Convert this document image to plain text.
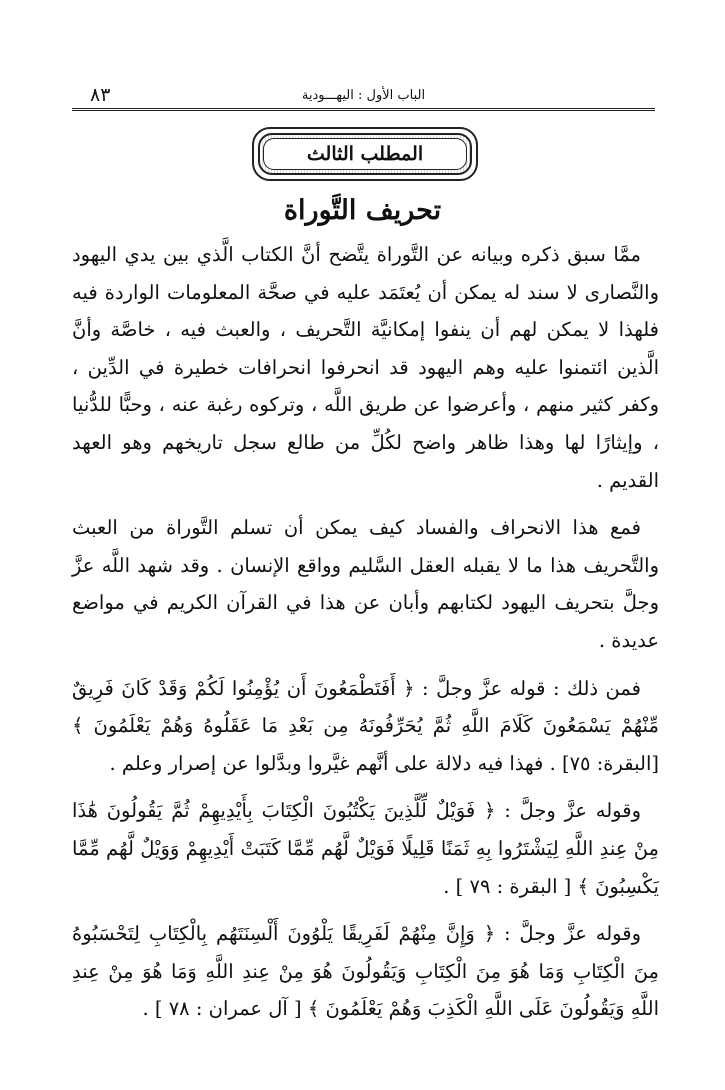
٨٣	الباب الأول : اليهـــودية
المطلب الثالث
تحريف التَّوراة

ممَّا سبق ذكره وبيانه عن التَّوراة يتَّضح أنَّ الكتاب الَّذي بين يدي اليهود والنَّصارى لا سند له يمكن أن يُعتَمَد عليه في صحَّة المعلومات الواردة فيه فلهذا لا يمكن لهم أن ينفوا إمكانيَّة التَّحريف ، والعبث فيه ، خاصَّة وأنَّ الَّذين ائتمنوا عليه وهم اليهود قد انحرفوا انحرافات خطيرة في الدِّين ، وكفر كثير منهم ، وأعرضوا عن طريق اللَّه ، وتركوه رغبة عنه ، وحبًّا للدُّنيا ، وإيثارًا لها وهذا ظاهر واضح لكُلِّ من طالع سجل تاريخهم وهو العهد القديم .

فمع هذا الانحراف والفساد كيف يمكن أن تسلم التَّوراة من العبث والتَّحريف هذا ما لا يقبله العقل السَّليم وواقع الإنسان . وقد شهد اللَّه عزَّ وجلَّ بتحريف اليهود لكتابهم وأبان عن هذا في القرآن الكريم في مواضع عديدة .

فمن ذلك : قوله عزَّ وجلَّ : ﴿ أَفَتَطْمَعُونَ أَن يُؤْمِنُوا لَكُمْ وَقَدْ كَانَ فَرِيقٌ مِّنْهُمْ يَسْمَعُونَ كَلَامَ اللَّهِ ثُمَّ يُحَرِّفُونَهُ مِن بَعْدِ مَا عَقَلُوهُ وَهُمْ يَعْلَمُونَ ﴾ [البقرة: ٧٥] . فهذا فيه دلالة على أنَّهم غيَّروا وبدَّلوا عن إصرار وعلم .

وقوله عزَّ وجلَّ : ﴿ فَوَيْلٌ لِّلَّذِينَ يَكْتُبُونَ الْكِتَابَ بِأَيْدِيهِمْ ثُمَّ يَقُولُونَ هَٰذَا مِنْ عِندِ اللَّهِ لِيَشْتَرُوا بِهِ ثَمَنًا قَلِيلًا فَوَيْلٌ لَّهُم مِّمَّا كَتَبَتْ أَيْدِيهِمْ وَوَيْلٌ لَّهُم مِّمَّا يَكْسِبُونَ ﴾ [ البقرة : ٧٩ ] .

وقوله عزَّ وجلَّ : ﴿ وَإِنَّ مِنْهُمْ لَفَرِيقًا يَلْوُونَ أَلْسِنَتَهُم بِالْكِتَابِ لِتَحْسَبُوهُ مِنَ الْكِتَابِ وَمَا هُوَ مِنَ الْكِتَابِ وَيَقُولُونَ هُوَ مِنْ عِندِ اللَّهِ وَمَا هُوَ مِنْ عِندِ اللَّهِ وَيَقُولُونَ عَلَى اللَّهِ الْكَذِبَ وَهُمْ يَعْلَمُونَ ﴾ [ آل عمران : ٧٨ ] .
